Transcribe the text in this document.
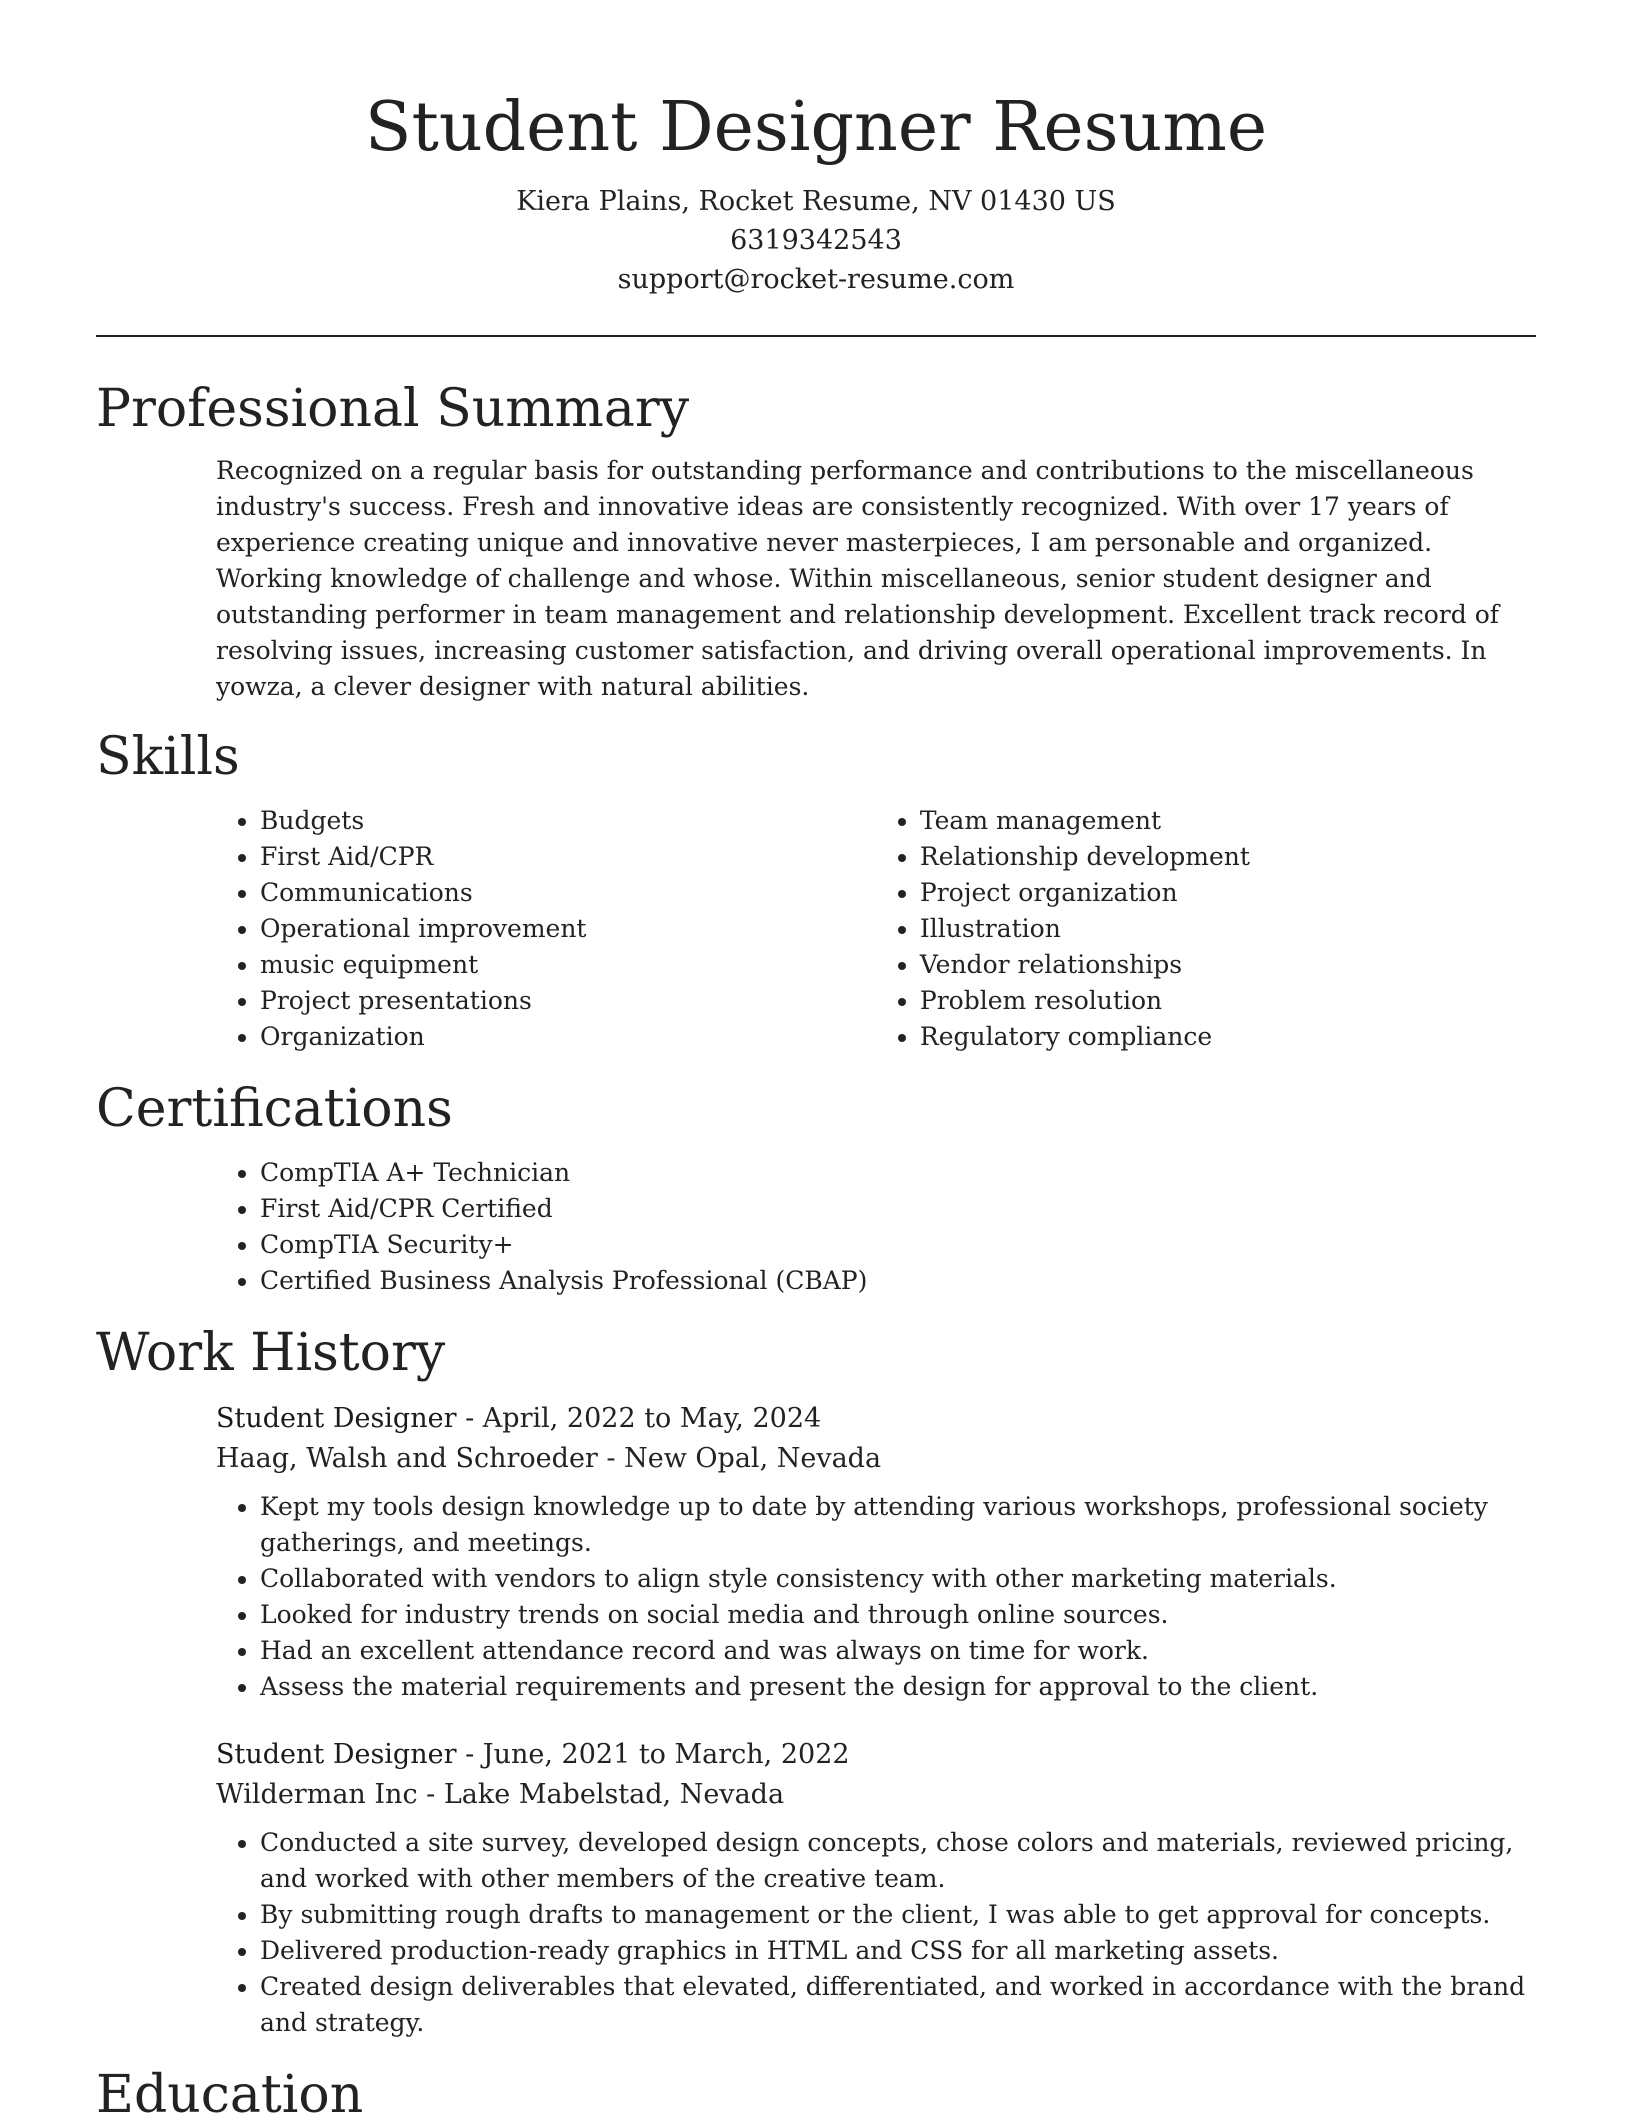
Student Designer Resume
Kiera Plains, Rocket Resume, NV 01430 US
6319342543
support@rocket-resume.com
Professional Summary

Recognized on a regular basis for outstanding performance and contributions to the miscellaneous industry's success. Fresh and innovative ideas are consistently recognized. With over 17 years of experience creating unique and innovative never masterpieces, I am personable and organized. Working knowledge of challenge and whose. Within miscellaneous, senior student designer and outstanding performer in team management and relationship development. Excellent track record of resolving issues, increasing customer satisfaction, and driving overall operational improvements. In yowza, a clever designer with natural abilities.

Skills
• Budgets
• First Aid/CPR
• Communications
• Operational improvement
• music equipment
• Project presentations
• Organization
• Team management
• Relationship development
• Project organization
• Illustration
• Vendor relationships
• Problem resolution
• Regulatory compliance
Certifications
• CompTIA A+ Technician
• First Aid/CPR Certified
• CompTIA Security+
• Certified Business Analysis Professional (CBAP)
Work History
Student Designer - April, 2022 to May, 2024
Haag, Walsh and Schroeder - New Opal, Nevada
• Kept my tools design knowledge up to date by attending various workshops, professional society gatherings, and meetings.
• Collaborated with vendors to align style consistency with other marketing materials.
• Looked for industry trends on social media and through online sources.
• Had an excellent attendance record and was always on time for work.
• Assess the material requirements and present the design for approval to the client.
Student Designer - June, 2021 to March, 2022
Wilderman Inc - Lake Mabelstad, Nevada
• Conducted a site survey, developed design concepts, chose colors and materials, reviewed pricing, and worked with other members of the creative team.
• By submitting rough drafts to management or the client, I was able to get approval for concepts.
• Delivered production-ready graphics in HTML and CSS for all marketing assets.
• Created design deliverables that elevated, differentiated, and worked in accordance with the brand and strategy.
Education
